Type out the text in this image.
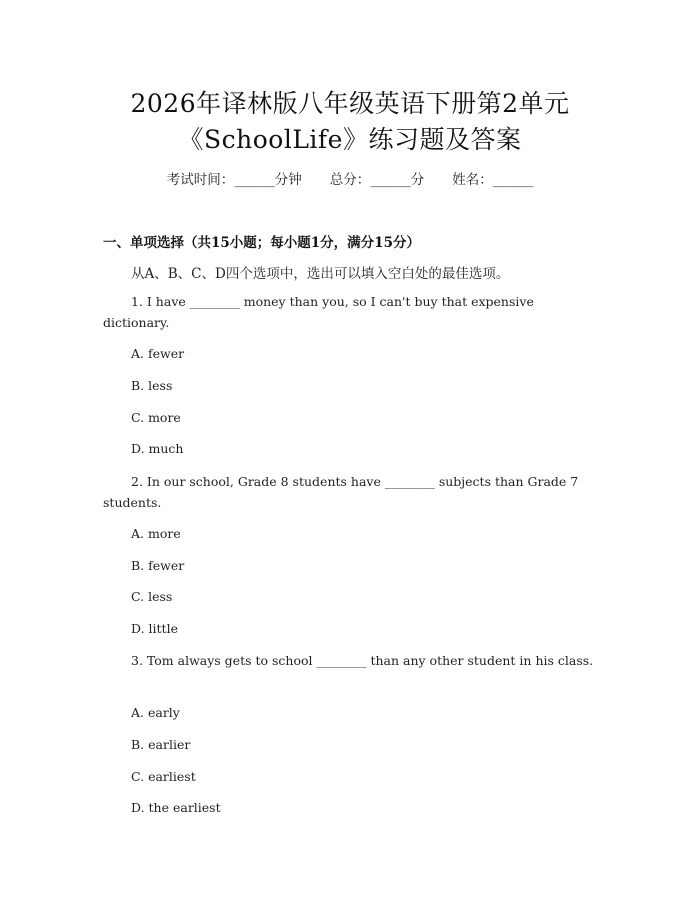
2026年译林版八年级英语下册第2单元
《SchoolLife》练习题及答案
考试时间：______分钟 总分：______分 姓名：______
一、单项选择（共15小题；每小题1分，满分15分）
从A、B、C、D四个选项中，选出可以填入空白处的最佳选项。
1. I have ________ money than you, so I can't buy that expensive dictionary.
A. fewer
B. less
C. more
D. much
2. In our school, Grade 8 students have ________ subjects than Grade 7 students.
A. more
B. fewer
C. less
D. little
3. Tom always gets to school ________ than any other student in his class.
A. early
B. earlier
C. earliest
D. the earliest
